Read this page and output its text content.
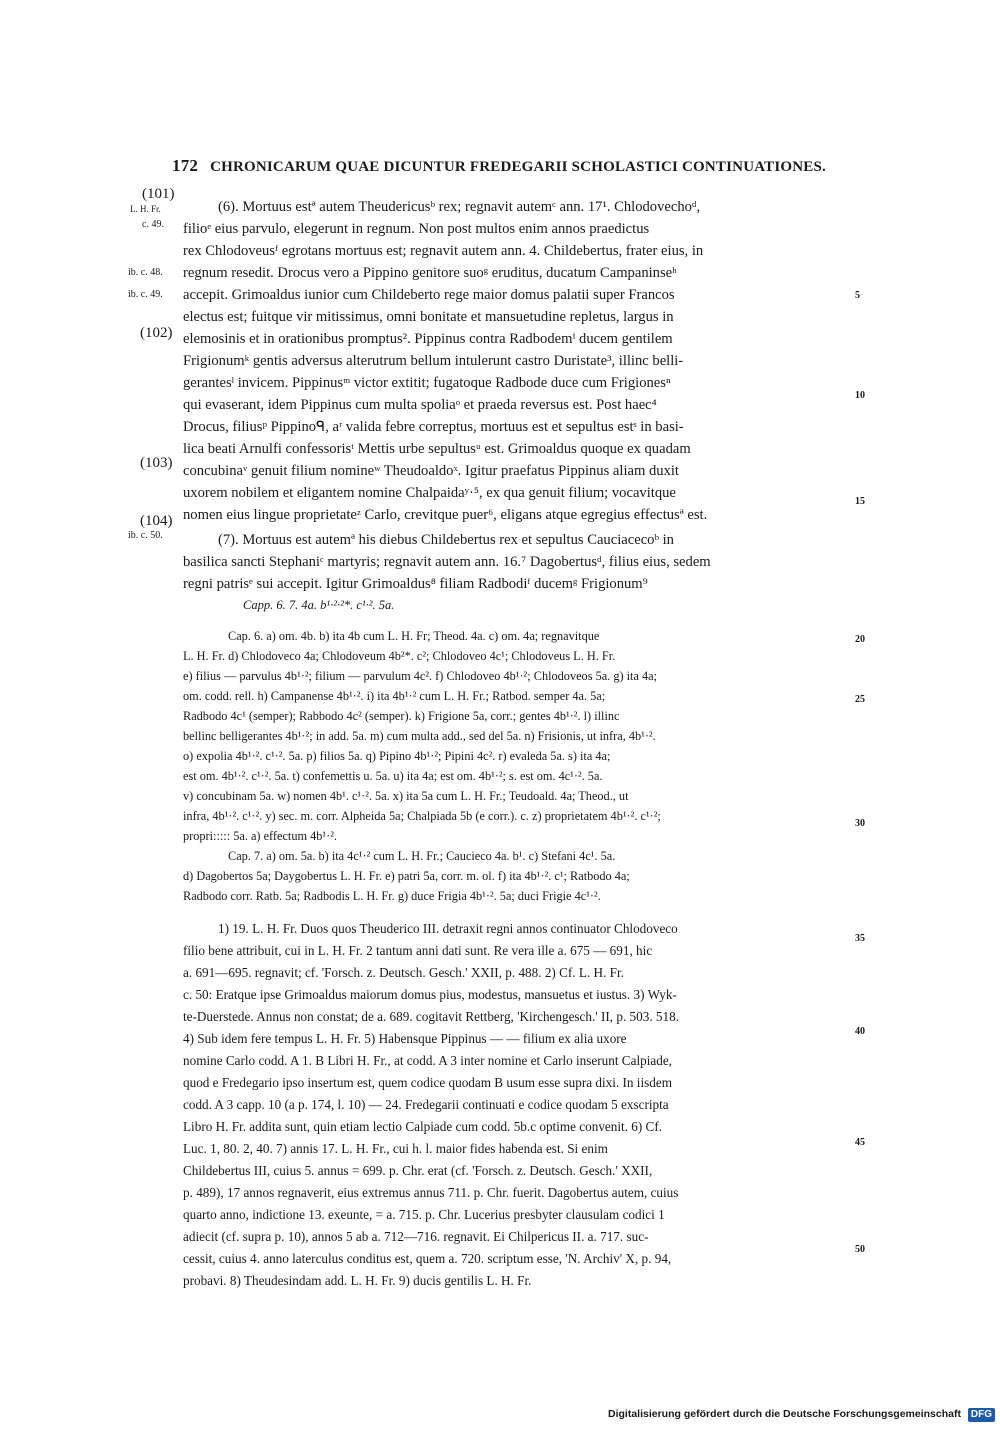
172 CHRONICARUM QUAE DICUNTUR FREDEGARII SCHOLASTICI CONTINUATIONES.
(101)
L. H. Fr.
c. 49.
ib. c. 48.
ib. c. 49.
(102)
(103)
(104)
ib. c. 50.
5
10
15
20
25
30
35
40
45
50
(6). Mortuus estª autem Theudericusᵇ rex; regnavit autemᶜ ann. 17¹. Chlodovechoᵈ,
filioᵉ eius parvulo, elegerunt in regnum. Non post multos enim annos praedictus
rex Chlodoveusᶠ egrotans mortuus est; regnavit autem ann. 4. Childebertus, frater eius, in
regnum resedit. Drocus vero a Pippino genitore suoᵍ eruditus, ducatum Campaninseʰ
accepit. Grimoaldus iunior cum Childeberto rege maior domus palatii super Francos
electus est; fuitque vir mitissimus, omni bonitate et mansuetudine repletus, largus in
elemosinis et in orationibus promptus². Pippinus contra Radbodemⁱ ducem gentilem
Frigionumᵏ gentis adversus alterutrum bellum intulerunt castro Duristate³, illinc belli-
gerantesˡ invicem. Pippinusᵐ victor extitit; fugatoque Radbode duce cum Frigionesⁿ
qui evaserant, idem Pippinus cum multa spoliaᵒ et praeda reversus est. Post haec⁴
Drocus, filiusᵖ Pippinoᑫ, aʳ valida febre correptus, mortuus est et sepultus estˢ in basi-
lica beati Arnulfi confessorisᵗ Mettis urbe sepultusᵘ est. Grimoaldus quoque ex quadam
concubinaᵛ genuit filium nomineʷ Theudoaldoˣ. Igitur praefatus Pippinus aliam duxit
uxorem nobilem et eligantem nomine Chalpaidaʸ·⁵, ex qua genuit filium; vocavitque
nomen eius lingue proprietateᶻ Carlo, crevitque puer⁶, eligans atque egregius effectusª est.
(7). Mortuus est autemª his diebus Childebertus rex et sepultus Cauciacecoᵇ in
basilica sancti Stephaniᶜ martyris; regnavit autem ann. 16.⁷ Dagobertusᵈ, filius eius, sedem
regni patrisᵉ sui accepit. Igitur Grimoaldus⁸ filiam Radbodiᶠ ducemᵍ Frigionum⁹
Capp. 6. 7. 4a. b¹·²·²*. c¹·². 5a.
Cap. 6. a) om. 4b. b) ita 4b cum L. H. Fr; Theod. 4a. c) om. 4a; regnavitque
L. H. Fr. d) Chlodoveco 4a; Chlodoveum 4b²*. c²; Chlodoveo 4c¹; Chlodoveus L. H. Fr.
e) filius — parvulus 4b¹·²; filium — parvulum 4c². f) Chlodoveo 4b¹·²; Chlodoveos 5a. g) ita 4a;
om. codd. rell. h) Campanense 4b¹·². i) ita 4b¹·² cum L. H. Fr.; Ratbod. semper 4a. 5a;
Radbodo 4c¹ (semper); Rabbodo 4c² (semper). k) Frigione 5a, corr.; gentes 4b¹·². l) illinc
bellinc belligerantes 4b¹·²; in add. 5a. m) cum multa add., sed del 5a. n) Frisionis, ut infra, 4b¹·².
o) expolia 4b¹·². c¹·². 5a. p) filios 5a. q) Pipino 4b¹·²; Pipini 4c². r) evaleda 5a. s) ita 4a;
est om. 4b¹·². c¹·². 5a. t) confemettis u. 5a. u) ita 4a; est om. 4b¹·²; s. est om. 4c¹·². 5a.
v) concubinam 5a. w) nomen 4b¹. c¹·². 5a. x) ita 5a cum L. H. Fr.; Teudoald. 4a; Theod., ut
infra, 4b¹·². c¹·². y) sec. m. corr. Alpheida 5a; Chalpiada 5b (e corr.). c. z) proprietatem 4b¹·². c¹·²;
propri::::: 5a. a) effectum 4b¹·².
Cap. 7. a) om. 5a. b) ita 4c¹·² cum L. H. Fr.; Caucieco 4a. b¹. c) Stefani 4c¹. 5a.
d) Dagobertos 5a; Daygobertus L. H. Fr. e) patri 5a, corr. m. ol. f) ita 4b¹·². c¹; Ratbodo 4a;
Radbodo corr. Ratb. 5a; Radbodis L. H. Fr. g) duce Frigia 4b¹·². 5a; duci Frigie 4c¹·².
1) 19. L. H. Fr. Duos quos Theuderico III. detraxit regni annos continuator Chlodoveco
filio bene attribuit, cui in L. H. Fr. 2 tantum anni dati sunt. Re vera ille a. 675 — 691, hic
a. 691—695. regnavit; cf. 'Forsch. z. Deutsch. Gesch.' XXII, p. 488. 2) Cf. L. H. Fr.
c. 50: Eratque ipse Grimoaldus maiorum domus pius, modestus, mansuetus et iustus. 3) Wyk-
te-Duerstede. Annus non constat; de a. 689. cogitavit Rettberg, 'Kirchengesch.' II, p. 503. 518.
4) Sub idem fere tempus L. H. Fr. 5) Habensque Pippinus — — filium ex alia uxore
nomine Carlo codd. A 1. B Libri H. Fr., at codd. A 3 inter nomine et Carlo inserunt Calpiade,
quod e Fredegario ipso insertum est, quem codice quodam B usum esse supra dixi. In iisdem
codd. A 3 capp. 10 (a p. 174, l. 10) — 24. Fredegarii continuati e codice quodam 5 exscripta
Libro H. Fr. addita sunt, quin etiam lectio Calpiade cum codd. 5b.c optime convenit. 6) Cf.
Luc. 1, 80. 2, 40. 7) annis 17. L. H. Fr., cui h. l. maior fides habenda est. Si enim
Childebertus III, cuius 5. annus = 699. p. Chr. erat (cf. 'Forsch. z. Deutsch. Gesch.' XXII,
p. 489), 17 annos regnaverit, eius extremus annus 711. p. Chr. fuerit. Dagobertus autem, cuius
quarto anno, indictione 13. exeunte, = a. 715. p. Chr. Lucerius presbyter clausulam codici 1
adiecit (cf. supra p. 10), annos 5 ab a. 712—716. regnavit. Ei Chilpericus II. a. 717. suc-
cessit, cuius 4. anno laterculus conditus est, quem a. 720. scriptum esse, 'N. Archiv' X, p. 94,
probavi. 8) Theudesindam add. L. H. Fr. 9) ducis gentilis L. H. Fr.
Digitalisierung gefördert durch die Deutsche Forschungsgemeinschaft DFG
